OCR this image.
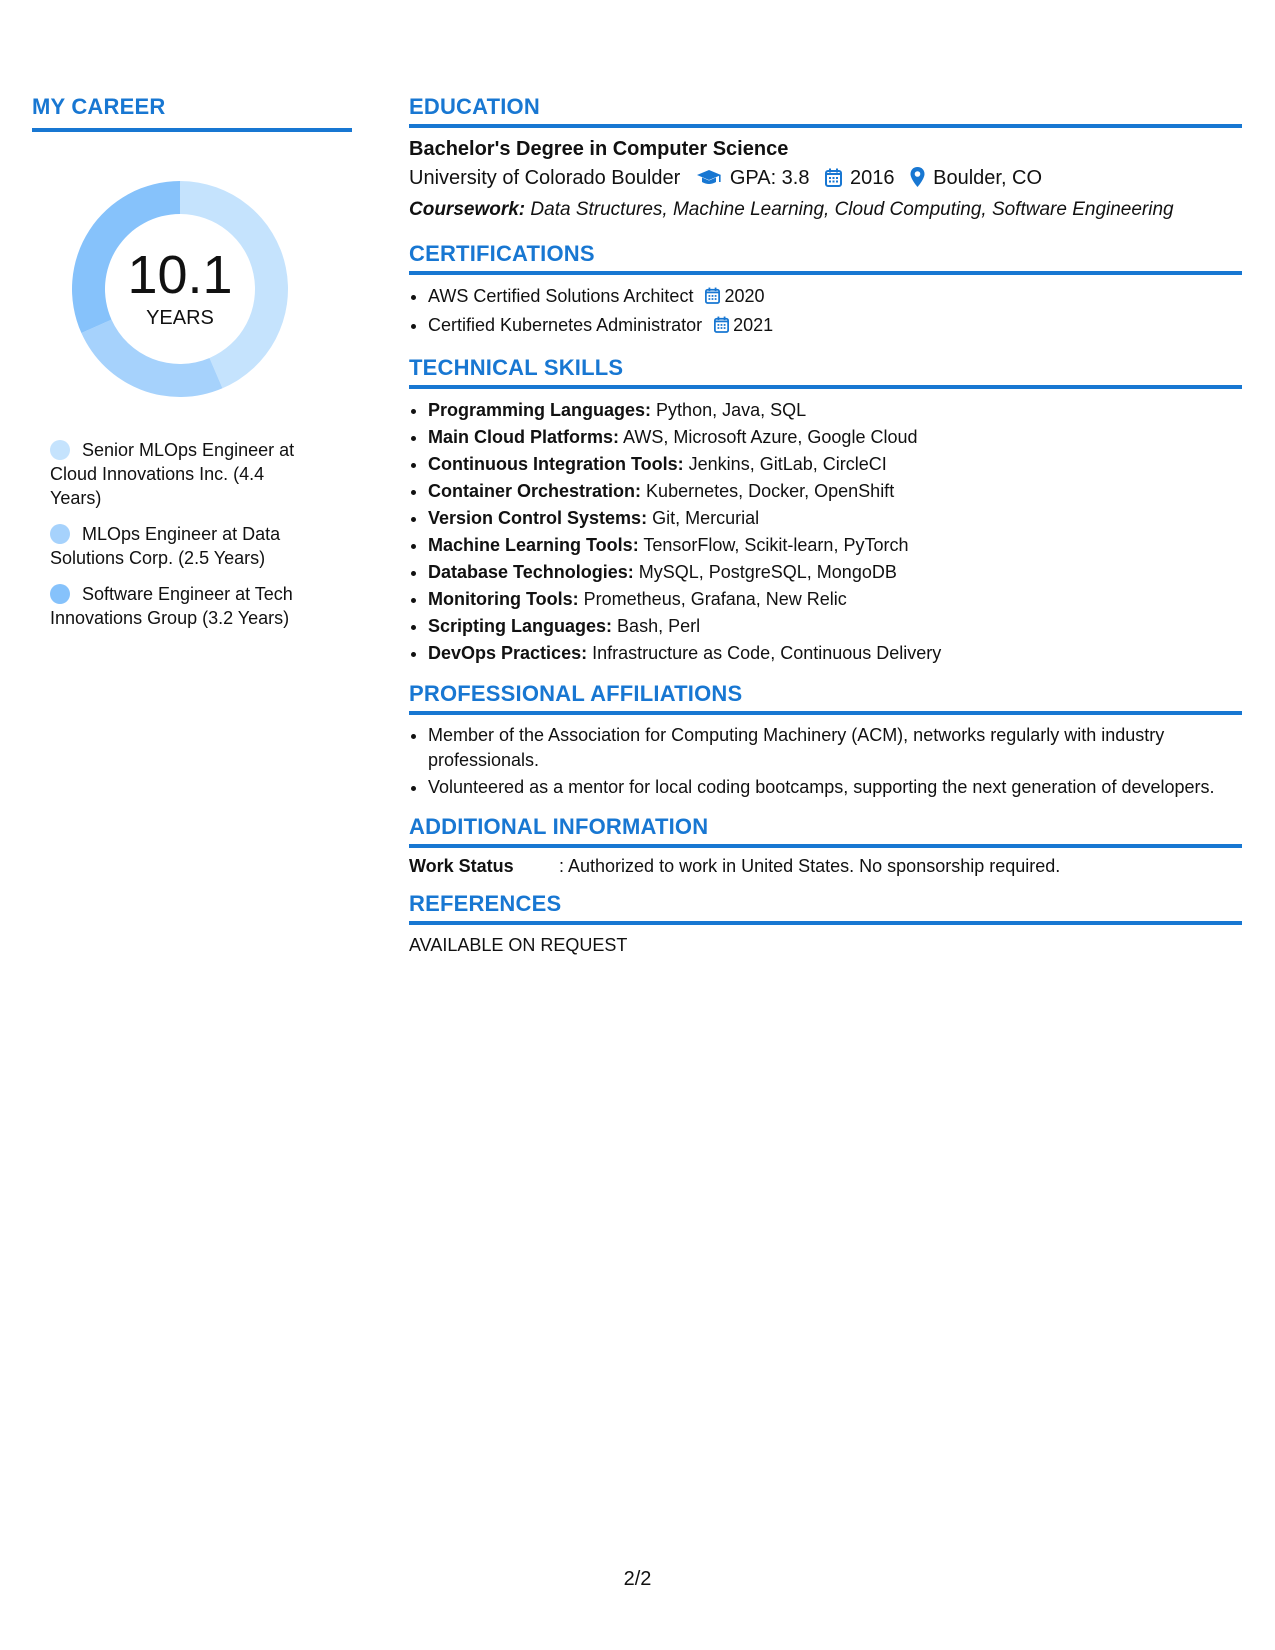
MY CAREER
10.1
YEARS
Senior MLOps Engineer at Cloud Innovations Inc. (4.4 Years)
MLOps Engineer at Data Solutions Corp. (2.5 Years)
Software Engineer at Tech Innovations Group (3.2 Years)
EDUCATION
Bachelor's Degree in Computer Science
University of Colorado Boulder GPA: 3.8 2016 Boulder, CO
Coursework: Data Structures, Machine Learning, Cloud Computing, Software Engineering
CERTIFICATIONS
• AWS Certified Solutions Architect 2020
• Certified Kubernetes Administrator 2021
TECHNICAL SKILLS
• Programming Languages: Python, Java, SQL
• Main Cloud Platforms: AWS, Microsoft Azure, Google Cloud
• Continuous Integration Tools: Jenkins, GitLab, CircleCI
• Container Orchestration: Kubernetes, Docker, OpenShift
• Version Control Systems: Git, Mercurial
• Machine Learning Tools: TensorFlow, Scikit-learn, PyTorch
• Database Technologies: MySQL, PostgreSQL, MongoDB
• Monitoring Tools: Prometheus, Grafana, New Relic
• Scripting Languages: Bash, Perl
• DevOps Practices: Infrastructure as Code, Continuous Delivery
PROFESSIONAL AFFILIATIONS
• Member of the Association for Computing Machinery (ACM), networks regularly with industry professionals.
• Volunteered as a mentor for local coding bootcamps, supporting the next generation of developers.
ADDITIONAL INFORMATION
Work Status	: Authorized to work in United States. No sponsorship required.
REFERENCES
AVAILABLE ON REQUEST
2/2
